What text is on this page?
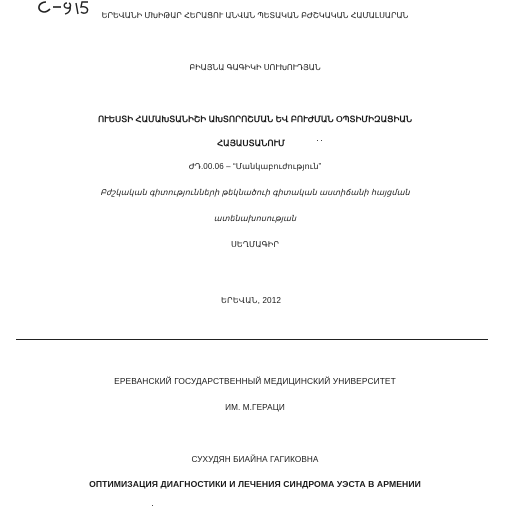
ԵՐԵՎԱՆԻ ՄԽԻԹԱՐ ՀԵՐԱՑՈՒ ԱՆՎԱՆ ՊԵՏԱԿԱՆ ԲԺՇԿԱԿԱՆ ՀԱՄԱԼՍԱՐԱՆ
ԲԻԱՅՆԱ ԳԱԳԻԿԻ ՍՈՒԽՈՒԴՅԱՆ
ՈՒԵՍՏԻ ՀԱՄԱԽՏԱՆԻՇԻ ԱԽՏՈՐՈՇՄԱՆ ԵՎ ԲՈՒԺՄԱՆ ՕՊՏԻՄԻԶԱՑԻԱՆ
ՀԱՅԱՍՏԱՆՈՒՄ
ԺԴ.00.06 – “Մանկաբուժություն”
Բժշկական գիտությունների թեկնածուի գիտական աստիճանի հայցման
ատենախոսության
ՍԵՂՄԱԳԻՐ
ԵՐԵՎԱՆ, 2012
ЕРЕВАНСКИЙ ГОСУДАРСТВЕННЫЙ МЕДИЦИНСКИЙ УНИВЕРСИТЕТ
ИМ. М.ГЕРАЦИ
СУХУДЯН БИАЙНА ГАГИКОВНА
ОПТИМИЗАЦИЯ ДИАГНОСТИКИ И ЛЕЧЕНИЯ СИНДРОМА УЭСТА В АРМЕНИИ
